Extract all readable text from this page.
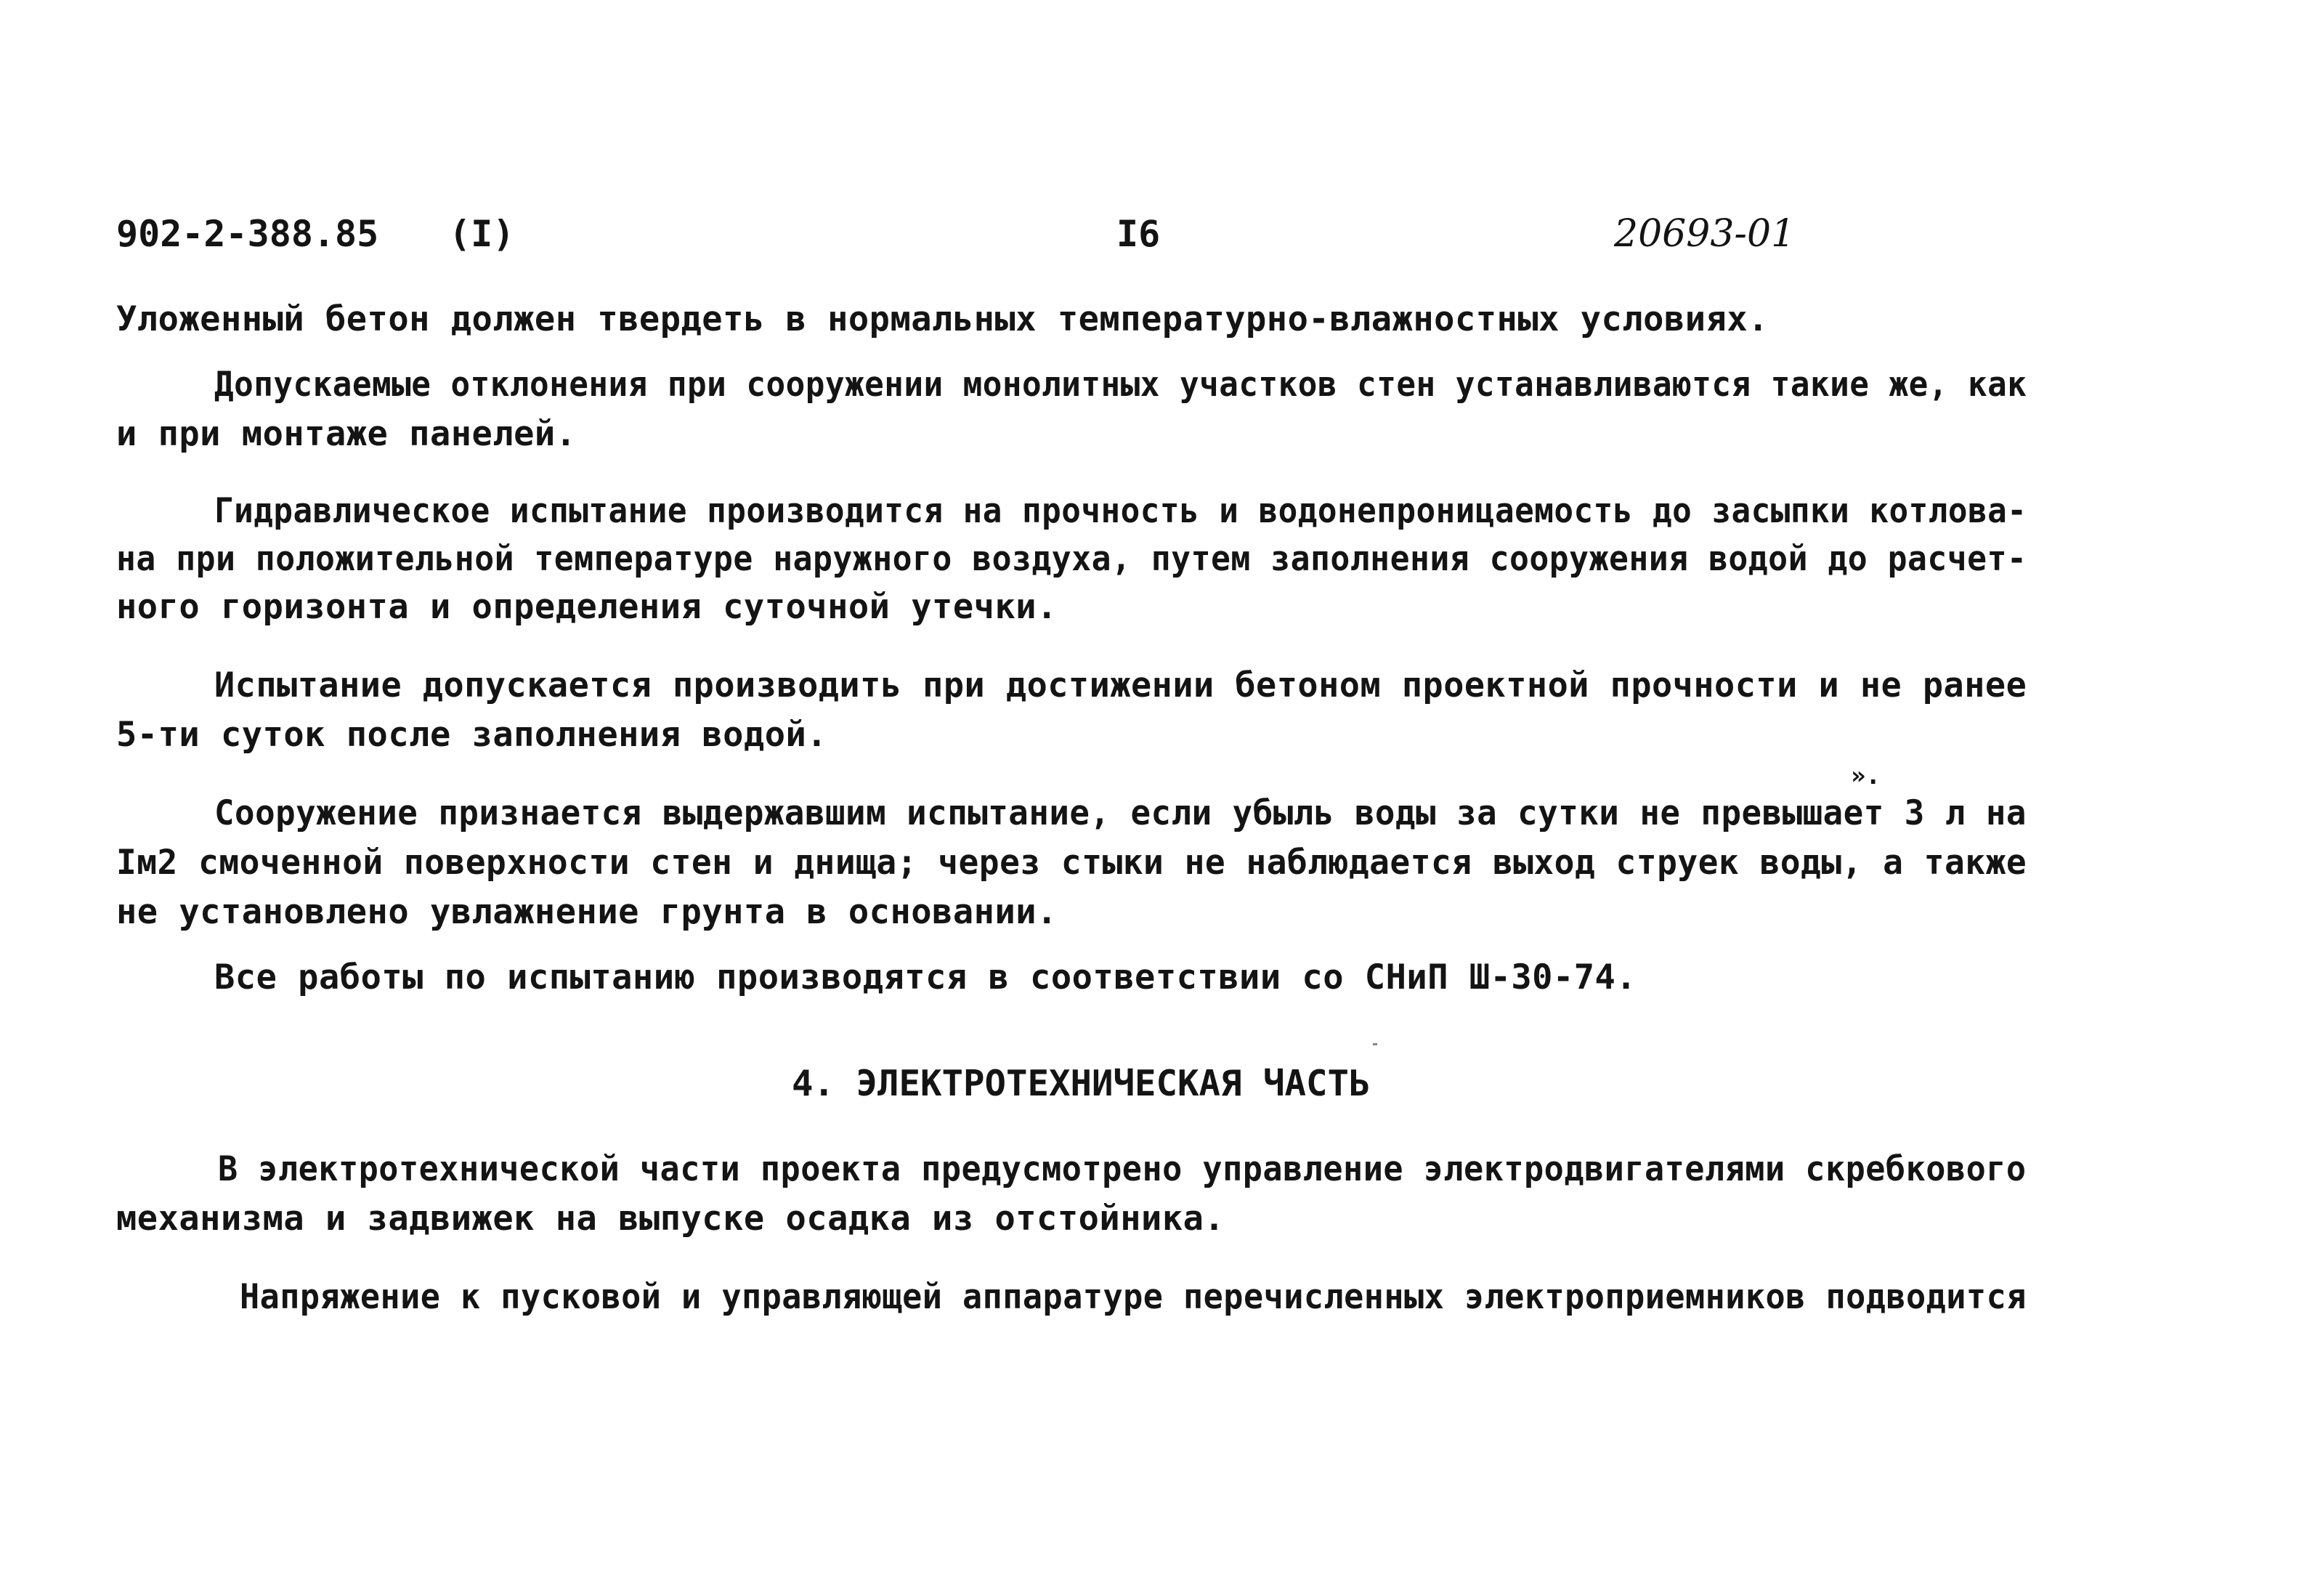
902-2-388.85 (I)	I6	20693-01
Уложенный бетон должен твердеть в нормальных температурно-влажностных условиях.
Допускаемые отклонения при сооружении монолитных участков стен устанавливаются такие же, как
и при монтаже панелей.
Гидравлическое испытание производится на прочность и водонепроницаемость до засыпки котлова-
на при положительной температуре наружного воздуха, путем заполнения сооружения водой до расчет-
ного горизонта и определения суточной утечки.
Испытание допускается производить при достижении бетоном проектной прочности и не ранее
5-ти суток после заполнения водой.
».
Сооружение признается выдержавшим испытание, если убыль воды за сутки не превышает 3 л на
Iм2 смоченной поверхности стен и днища; через стыки не наблюдается выход струек воды, а также
не установлено увлажнение грунта в основании.
Все работы по испытанию производятся в соответствии со СНиП Ш-30-74.
4. ЭЛЕКТРОТЕХНИЧЕСКАЯ ЧАСТЬ
В электротехнической части проекта предусмотрено управление электродвигателями скребкового
механизма и задвижек на выпуске осадка из отстойника.
Напряжение к пусковой и управляющей аппаратуре перечисленных электроприемников подводится
